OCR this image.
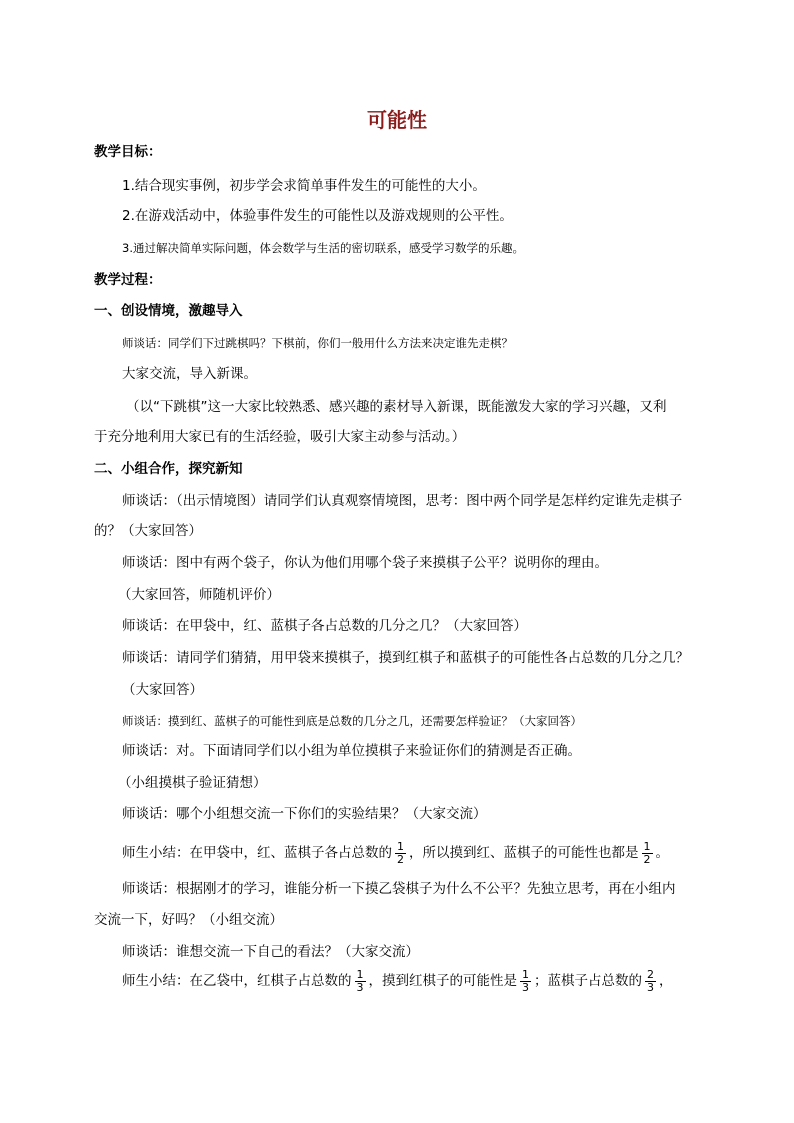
可能性
教学目标：
1.结合现实事例，初步学会求简单事件发生的可能性的大小。
2.在游戏活动中，体验事件发生的可能性以及游戏规则的公平性。
3.通过解决简单实际问题，体会数学与生活的密切联系，感受学习数学的乐趣。
教学过程：
一、创设情境，激趣导入
师谈话：同学们下过跳棋吗？下棋前，你们一般用什么方法来决定谁先走棋？
大家交流，导入新课。
（以“下跳棋”这一大家比较熟悉、感兴趣的素材导入新课，既能激发大家的学习兴趣，又利
于充分地利用大家已有的生活经验，吸引大家主动参与活动。）
二、小组合作，探究新知
师谈话：（出示情境图）请同学们认真观察情境图，思考：图中两个同学是怎样约定谁先走棋子
的？（大家回答）
师谈话：图中有两个袋子，你认为他们用哪个袋子来摸棋子公平？说明你的理由。
（大家回答，师随机评价）
师谈话：在甲袋中，红、蓝棋子各占总数的几分之几？（大家回答）
师谈话：请同学们猜猜，用甲袋来摸棋子，摸到红棋子和蓝棋子的可能性各占总数的几分之几？
（大家回答）
师谈话：摸到红、蓝棋子的可能性到底是总数的几分之几，还需要怎样验证？（大家回答）
师谈话：对。下面请同学们以小组为单位摸棋子来验证你们的猜测是否正确。
（小组摸棋子验证猜想）
师谈话：哪个小组想交流一下你们的实验结果？（大家交流）
师生小结：在甲袋中，红、蓝棋子各占总数的 $\frac{1}{2}$ ，所以摸到红、蓝棋子的可能性也都是 $\frac{1}{2}$ 。
师谈话：根据刚才的学习，谁能分析一下摸乙袋棋子为什么不公平？先独立思考，再在小组内
交流一下，好吗？（小组交流）
师谈话：谁想交流一下自己的看法？（大家交流）
师生小结：在乙袋中，红棋子占总数的 $\frac{1}{3}$ ，摸到红棋子的可能性是 $\frac{1}{3}$ ；蓝棋子占总数的 $\frac{2}{3}$ ，
